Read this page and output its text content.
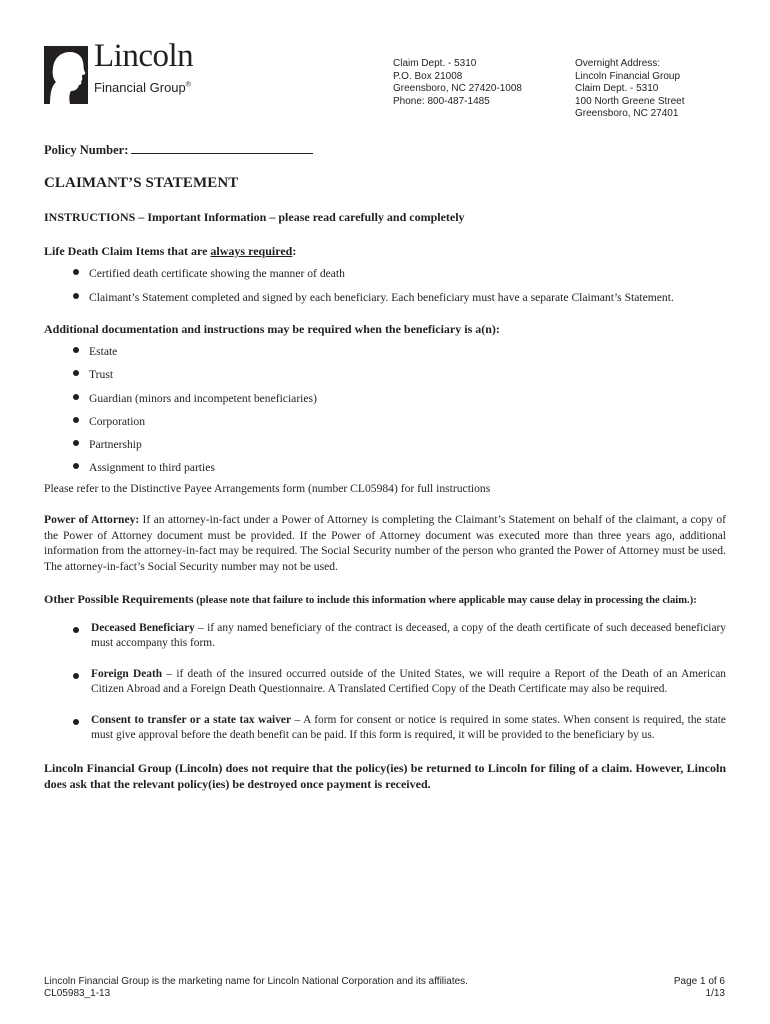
Lincoln
Financial Group®
Claim Dept. - 5310
P.O. Box 21008
Greensboro, NC 27420-1008
Phone: 800-487-1485
Overnight Address:
Lincoln Financial Group
Claim Dept. - 5310
100 North Greene Street
Greensboro, NC 27401
Policy Number:
CLAIMANT’S STATEMENT
INSTRUCTIONS – Important Information – please read carefully and completely
Life Death Claim Items that are always required:
Certified death certificate showing the manner of death
Claimant’s Statement completed and signed by each beneficiary. Each beneficiary must have a separate Claimant’s Statement.
Additional documentation and instructions may be required when the beneficiary is a(n):
Estate
Trust
Guardian (minors and incompetent beneficiaries)
Corporation
Partnership
Assignment to third parties
Please refer to the Distinctive Payee Arrangements form (number CL05984) for full instructions
Power of Attorney: If an attorney-in-fact under a Power of Attorney is completing the Claimant’s Statement on behalf of the claimant, a copy of the Power of Attorney document must be provided. If the Power of Attorney document was executed more than three years ago, additional information from the attorney-in-fact may be required. The Social Security number of the person who granted the Power of Attorney must be used. The attorney-in-fact’s Social Security number may not be used.
Other Possible Requirements (please note that failure to include this information where applicable may cause delay in processing the claim.):
Deceased Beneficiary – if any named beneficiary of the contract is deceased, a copy of the death certificate of such deceased beneficiary must accompany this form.
Foreign Death – if death of the insured occurred outside of the United States, we will require a Report of the Death of an American Citizen Abroad and a Foreign Death Questionnaire. A Translated Certified Copy of the Death Certificate may also be required.
Consent to transfer or a state tax waiver – A form for consent or notice is required in some states. When consent is required, the state must give approval before the death benefit can be paid. If this form is required, it will be provided to the beneficiary by us.
Lincoln Financial Group (Lincoln) does not require that the policy(ies) be returned to Lincoln for filing of a claim. However, Lincoln does ask that the relevant policy(ies) be destroyed once payment is received.
Lincoln Financial Group is the marketing name for Lincoln National Corporation and its affiliates.
CL05983_1-13
Page 1 of 6
1/13
